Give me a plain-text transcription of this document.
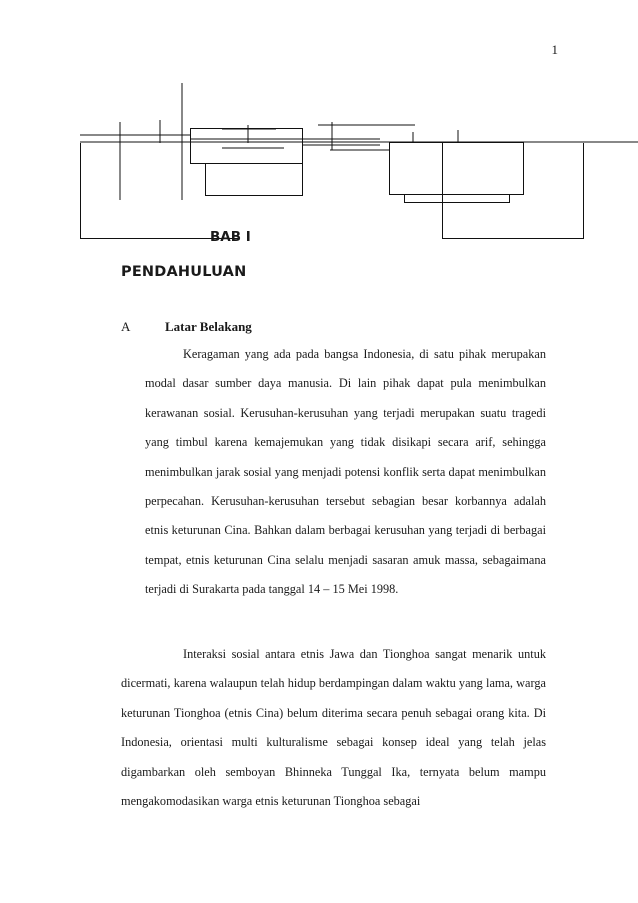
1
BAB I
PENDAHULUAN
A	Latar Belakang

Keragaman yang ada pada bangsa Indonesia, di satu pihak merupakan modal dasar sumber daya manusia. Di lain pihak dapat pula menimbulkan kerawanan sosial. Kerusuhan-kerusuhan yang terjadi merupakan suatu tragedi yang timbul karena kemajemukan yang tidak disikapi secara arif, sehingga menimbulkan jarak sosial yang menjadi potensi konflik serta dapat menimbulkan perpecahan. Kerusuhan-kerusuhan tersebut sebagian besar korbannya adalah etnis keturunan Cina. Bahkan dalam berbagai kerusuhan yang terjadi di berbagai tempat, etnis keturunan Cina selalu menjadi sasaran amuk massa, sebagaimana terjadi di Surakarta pada tanggal 14 – 15 Mei 1998.

Interaksi sosial antara etnis Jawa dan Tionghoa sangat menarik untuk dicermati, karena walaupun telah hidup berdampingan dalam waktu yang lama, warga keturunan Tionghoa (etnis Cina) belum diterima secara penuh sebagai orang kita. Di Indonesia, orientasi multi kulturalisme sebagai konsep ideal yang telah jelas digambarkan oleh semboyan Bhinneka Tunggal Ika, ternyata belum mampu mengakomodasikan warga etnis keturunan Tionghoa sebagai
